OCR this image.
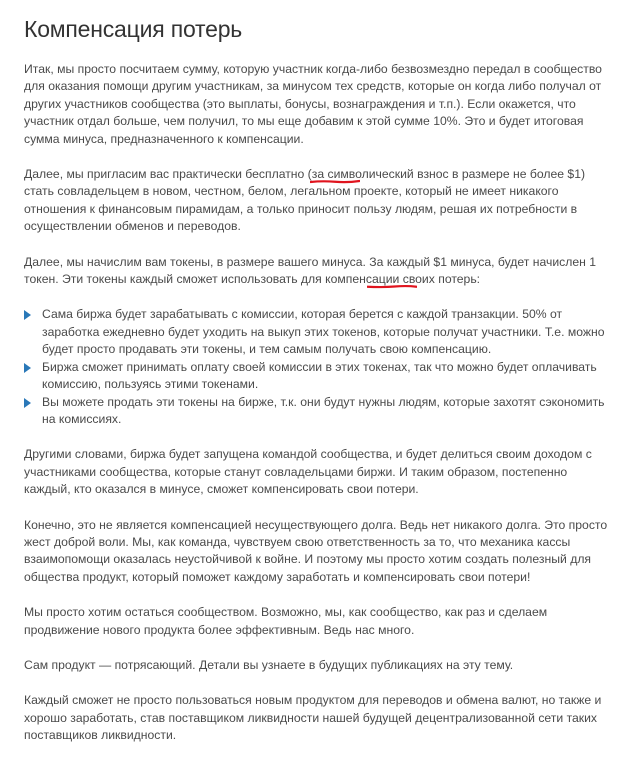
Компенсация потерь

Итак, мы просто посчитаем сумму, которую участник когда-либо безвозмездно передал в сообщество для оказания помощи другим участникам, за минусом тех средств, которые он когда либо получал от других участников сообщества (это выплаты, бонусы, вознаграждения и т.п.). Если окажется, что участник отдал больше, чем получил, то мы еще добавим к этой сумме 10%. Это и будет итоговая сумма минуса, предназначенного к компенсации.

Далее, мы пригласим вас практически бесплатно (за символический взнос в размере не более $1
) стать совладельцем в новом, честном, белом, легальном проекте, который не имеет никакого отношения к финансовым пирамидам, а только приносит пользу людям, решая их потребности в осуществлении обменов и переводов.

Далее, мы начислим вам токены, в размере вашего минуса. За каждый $1 минуса, будет начислен 1 токен
. Эти токены каждый сможет использовать для компенсации своих потерь:

Сама биржа будет зарабатывать с комиссии, которая берется с каждой транзакции. 50% от заработка ежедневно будет уходить на выкуп этих токенов, которые получат участники. Т.е. можно будет просто продавать эти токены, и тем самым получать свою компенсацию.
Биржа сможет принимать оплату своей комиссии в этих токенах, так что можно будет оплачивать комиссию, пользуясь этими токенами.
Вы можете продать эти токены на бирже, т.к. они будут нужны людям, которые захотят сэкономить на комиссиях.

Другими словами, биржа будет запущена командой сообщества, и будет делиться своим доходом с участниками сообщества, которые станут совладельцами биржи. И таким образом, постепенно каждый, кто оказался в минусе, сможет компенсировать свои потери.

Конечно, это не является компенсацией несуществующего долга. Ведь нет никакого долга. Это просто жест доброй воли. Мы, как команда, чувствуем свою ответственность за то, что механика кассы взаимопомощи оказалась неустойчивой к войне. И поэтому мы просто хотим создать полезный для общества продукт, который поможет каждому заработать и компенсировать свои потери!

Мы просто хотим остаться сообществом. Возможно, мы, как сообщество, как раз и сделаем продвижение нового продукта более эффективным. Ведь нас много.

Сам продукт — потрясающий. Детали вы узнаете в будущих публикациях на эту тему.

Каждый сможет не просто пользоваться новым продуктом для переводов и обмена валют, но также и хорошо заработать, став поставщиком ликвидности нашей будущей децентрализованной сети таких поставщиков ликвидности.
